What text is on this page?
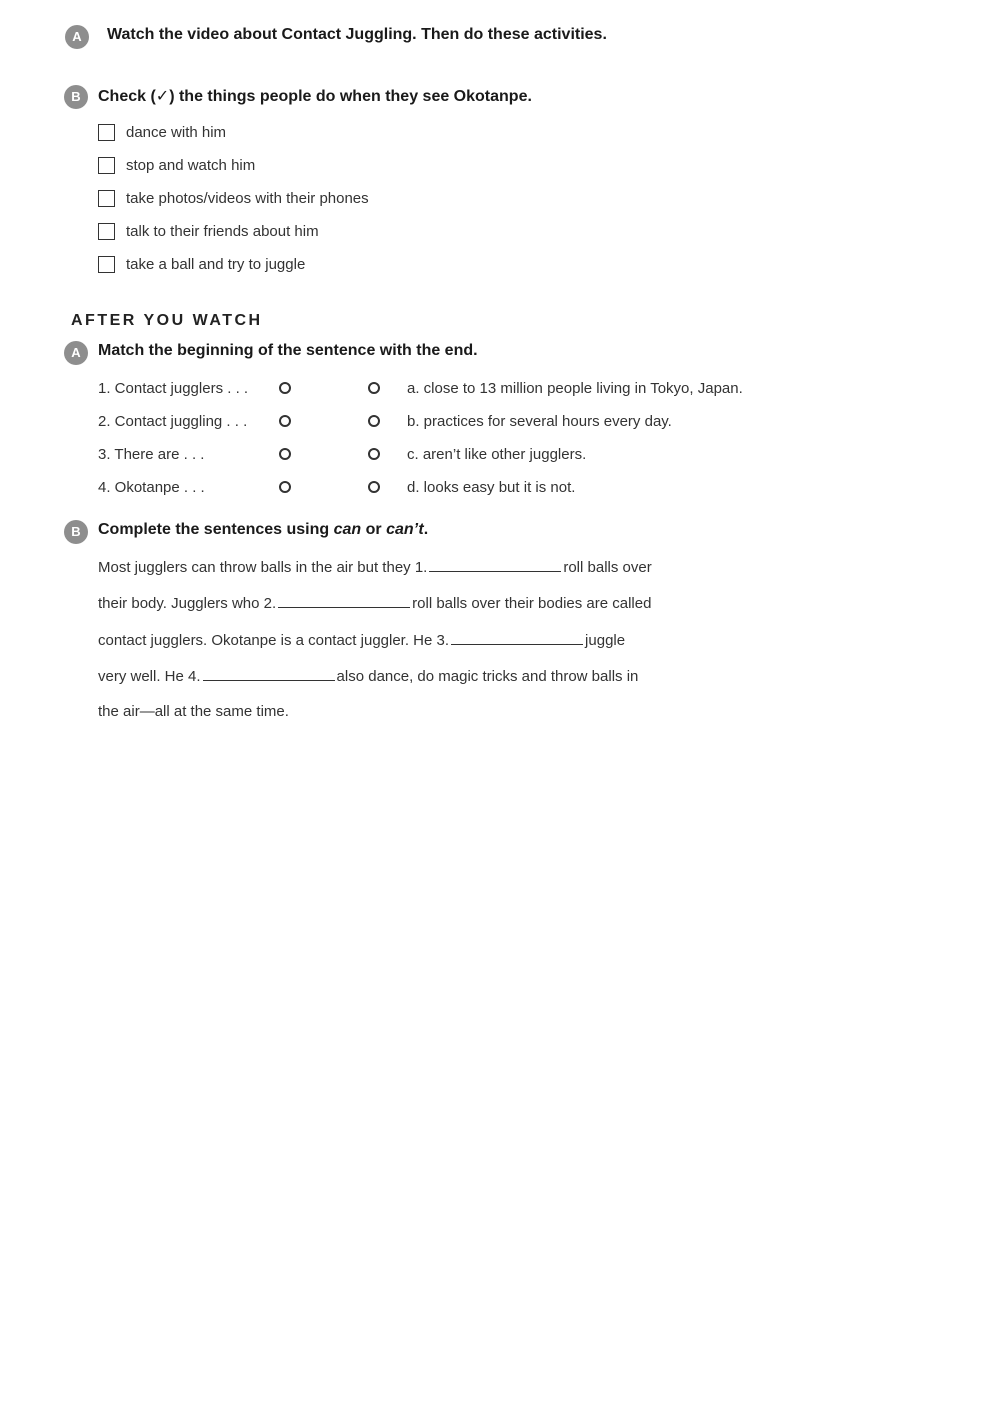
A	Watch the video about Contact Juggling. Then do these activities.
B	Check (✓) the things people do when they see Okotanpe.
dance with him
stop and watch him
take photos/videos with their phones
talk to their friends about him
take a ball and try to juggle
AFTER YOU WATCH
A	Match the beginning of the sentence with the end.
1. Contact jugglers . . .	a. close to 13 million people living in Tokyo, Japan.
2. Contact juggling . . .	b. practices for several hours every day.
3. There are . . .	c. aren’t like other jugglers.
4. Okotanpe . . .	d. looks easy but it is not.
B	Complete the sentences using can or can’t.
Most jugglers can throw balls in the air but they 1.	roll balls over
their body. Jugglers who 2.	roll balls over their bodies are called
contact jugglers. Okotanpe is a contact juggler. He 3.	juggle
very well. He 4.	also dance, do magic tricks and throw balls in
the air—all at the same time.
